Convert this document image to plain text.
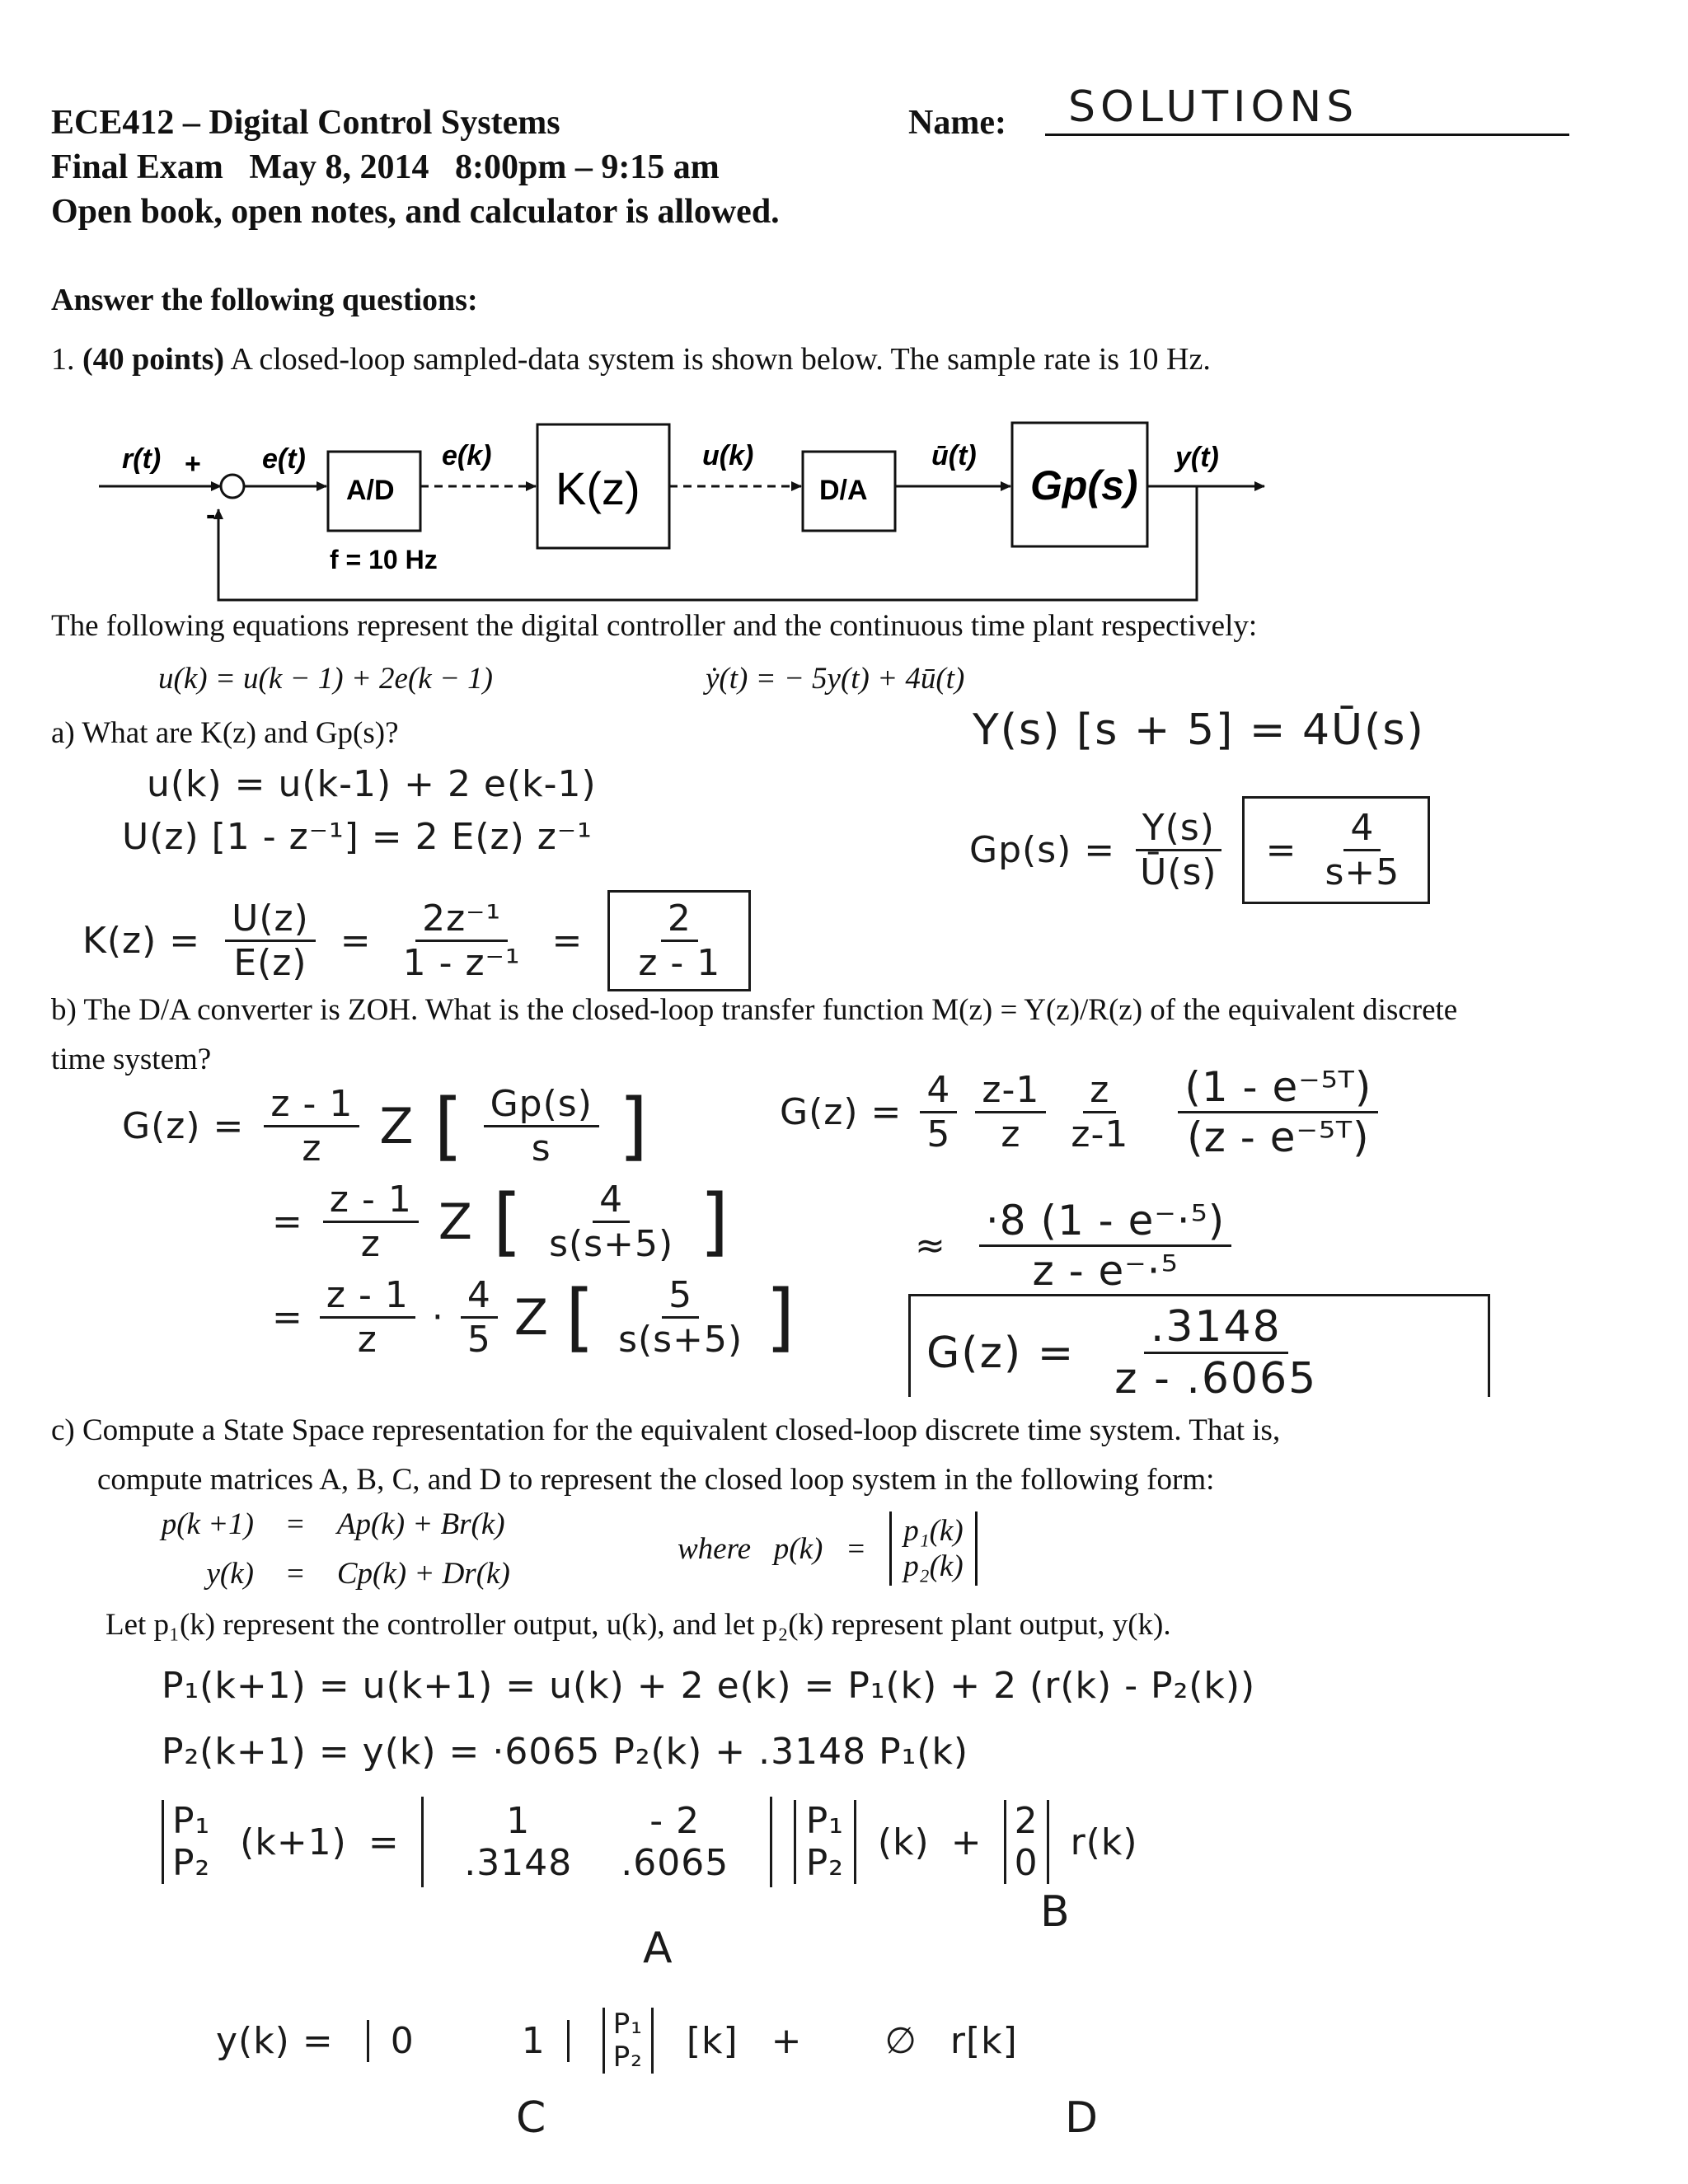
ECE412 – Digital Control Systems
Final Exam   May 8, 2014   8:00pm – 9:15 am
Open book, open notes, and calculator is allowed.
Name: SOLUTIONS
Answer the following questions:
1. (40 points) A closed-loop sampled-data system is shown below. The sample rate is 10 Hz.
r(t) +
-
e(t)
A/D
e(k)
K(z)
u(k)
D/A
ū(t)
Gp(s)
y(t)
f = 10 Hz
The following equations represent the digital controller and the continuous time plant respectively:
u(k) = u(k − 1) + 2e(k − 1)	ẏ(t) = − 5y(t) + 4ū(t)
a) What are K(z) and Gp(s)?
u(k) = u(k-1) + 2 e(k-1)
U(z) [1 - z⁻¹] = 2 E(z) z⁻¹
$K(z) = \frac{U(z)}{E(z)} = \frac{\text{2z⁻¹}}{\text{1 - z⁻¹}} = \frac{2}{z - 1}$
Y(s) [s + 5] = 4Ū(s)
$Gp(s) = \frac{Y(s)}{Ū(s)} = \frac{4}{s+5}$
b) The D/A converter is ZOH. What is the closed-loop transfer function M(z) = Y(z)/R(z) of the equivalent discrete time system?
$G(z) = \frac{z - 1}{z}$ Z [ $\frac{Gp(s)}{s}$ ]
= $\frac{z - 1}{z}$ Z [ $\frac{4}{s(s+5)}$ ]
= $\frac{z - 1}{z} \cdot \frac{4}{5}$ Z [ $\frac{5}{s(s+5)}$ ]
$G(z) = \frac{4}{5} \frac{z-1}{z} \frac{z}{z-1} \frac{\text{(1 - e⁻⁵ᵀ)}}{\text{(z - e⁻⁵ᵀ)}}$
≈ $\frac{\text{·8 (1 - e⁻·⁵)}}{\text{z - e⁻·⁵}}$
$G(z) = \frac{.3148}{z - .6065}$
c) Compute a State Space representation for the equivalent closed-loop discrete time system. That is,
compute matrices A, B, C, and D to represent the closed loop system in the following form:
p(k +1) = Ap(k) + Br(k)
y(k) = Cp(k) + Dr(k)
where   p(k) =
p₁(k)
p₂(k)
Let p₁(k) represent the controller output, u(k), and let p₂(k) represent plant output, y(k).
P₁(k+1) = u(k+1) = u(k) + 2 e(k) = P₁(k) + 2 (r(k) - P₂(k))
P₂(k+1) = y(k) = ·6065 P₂(k) + .3148 P₁(k)
P₁
P₂ (k+1) =	1	- 2
.3148	.6065
P₁
P₂ (k) + 2
0 r(k)
A
B
y(k) = 0	1 P₁
P₂ [k] + ∅ r[k]
C	D
